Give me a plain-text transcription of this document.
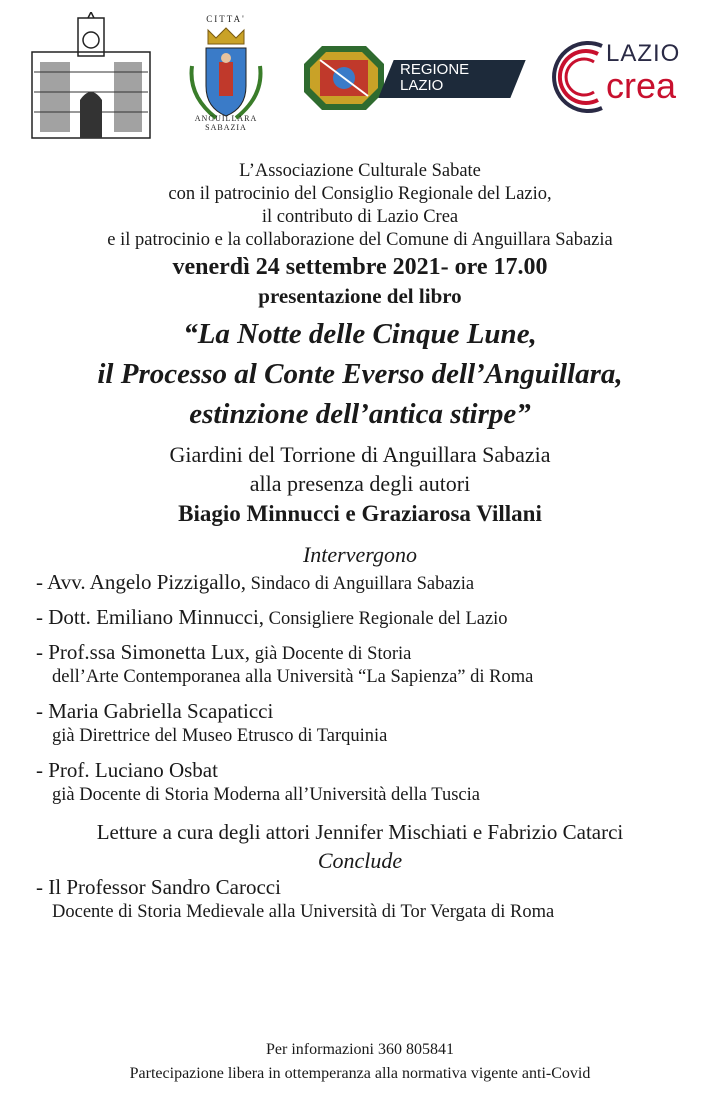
CITTA'
ANGUILLARA SABAZIA
REGIONE
LAZIO
LAZIO
crea
L’Associazione Culturale Sabate
con il patrocinio del Consiglio Regionale del Lazio,
il contributo di Lazio Crea
e il patrocinio e la collaborazione del Comune di Anguillara Sabazia
venerdì 24 settembre 2021- ore 17.00
presentazione del libro
“La Notte delle Cinque Lune,
il Processo al Conte Everso dell’Anguillara,
estinzione dell’antica stirpe”
Giardini del Torrione di Anguillara Sabazia
alla presenza degli autori
Biagio Minnucci e Graziarosa Villani
Intervergono
- Avv. Angelo Pizzigallo, Sindaco di Anguillara Sabazia
- Dott. Emiliano Minnucci, Consigliere Regionale del Lazio
- Prof.ssa Simonetta Lux, già Docente di Storia
dell’Arte Contemporanea alla Università “La Sapienza” di Roma
- Maria Gabriella Scapaticci
già Direttrice del Museo Etrusco di Tarquinia
- Prof. Luciano Osbat
già Docente di Storia Moderna all’Università della Tuscia
Letture a cura degli attori Jennifer Mischiati e Fabrizio Catarci
Conclude
- Il Professor Sandro Carocci
Docente di Storia Medievale alla Università di Tor Vergata di Roma
Per informazioni 360 805841
Partecipazione libera in ottemperanza alla normativa vigente anti-Covid
